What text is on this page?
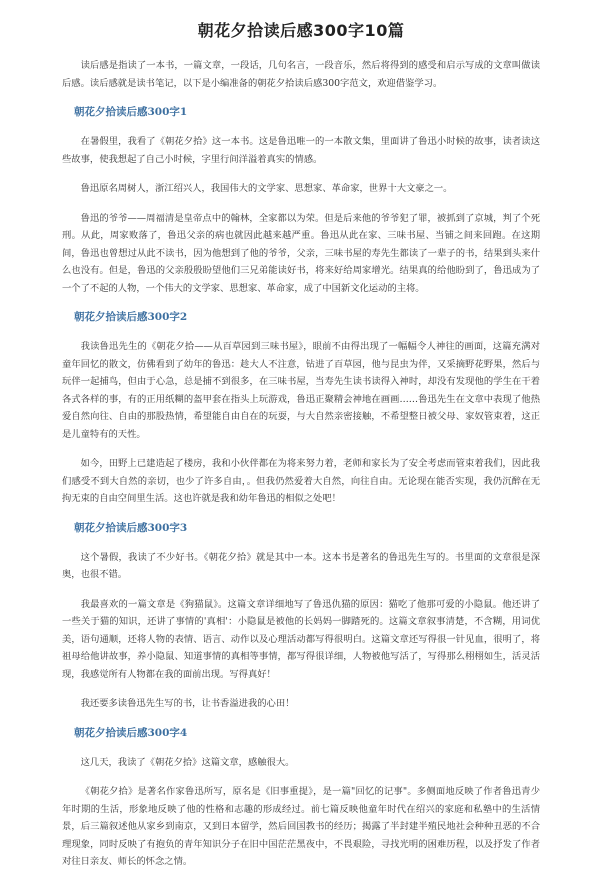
朝花夕拾读后感300字10篇

读后感是指读了一本书，一篇文章，一段话，几句名言，一段音乐，然后将得到的感受和启示写成的文章叫做读后感。读后感就是读书笔记，以下是小编准备的朝花夕拾读后感300字范文，欢迎借鉴学习。

朝花夕拾读后感300字1

在暑假里，我看了《朝花夕拾》这一本书。这是鲁迅唯一的一本散文集，里面讲了鲁迅小时候的故事，读者读这些故事，使我想起了自己小时候，字里行间洋溢着真实的情感。

鲁迅原名周树人，浙江绍兴人，我国伟大的文学家、思想家、革命家，世界十大文豪之一。

鲁迅的爷爷——周福清是皇帝点中的翰林，全家都以为荣。但是后来他的爷爷犯了罪，被抓到了京城，判了个死刑。从此，周家败落了，鲁迅父亲的病也就因此越来越严重。鲁迅从此在家、三味书屋、当铺之间来回跑。在这期间，鲁迅也曾想过从此不读书，因为他想到了他的爷爷，父亲，三味书屋的寿先生都读了一辈子的书，结果到头来什么也没有。但是，鲁迅的父亲殷殷盼望他们三兄弟能读好书，将来好给周家增光。结果真的给他盼到了，鲁迅成为了一个了不起的人物，一个伟大的文学家、思想家、革命家，成了中国新文化运动的主将。

朝花夕拾读后感300字2

我读鲁迅先生的《朝花夕拾——从百草园到三味书屋》，眼前不由得出现了一幅幅令人神往的画面，这篇充满对童年回忆的散文，仿佛看到了幼年的鲁迅：趁大人不注意，钻进了百草园，他与昆虫为伴，又采摘野花野果，然后与玩伴一起捕鸟，但由于心急，总是捕不到很多，在三味书屋，当寿先生读书读得入神时，却没有发现他的学生在干着各式各样的事，有的正用纸糊的盔甲套在指头上玩游戏，鲁迅正聚精会神地在画画……鲁迅先生在文章中表现了他热爱自然向往、自由的那股热情，希望能自由自在的玩耍，与大自然亲密接触，不希望整日被父母、家奴管束着，这正是儿童特有的天性。

如今，田野上已建造起了楼房，我和小伙伴都在为将来努力着，老师和家长为了安全考虑而管束着我们，因此我们感受不到大自然的亲切，也少了许多自由，。但我仍然爱着大自然，向往自由。无论现在能否实现，我仍沉醉在无拘无束的自由空间里生活。这也许就是我和幼年鲁迅的相似之处吧！

朝花夕拾读后感300字3

这个暑假，我读了不少好书。《朝花夕拾》就是其中一本。这本书是著名的鲁迅先生写的。书里面的文章很是深奥，也很不错。

我最喜欢的一篇文章是《狗猫鼠》。这篇文章详细地写了鲁迅仇猫的原因：猫吃了他那可爱的小隐鼠。他还讲了一些关于猫的知识，还讲了事情的'真相'：小隐鼠是被他的长妈妈一脚踏死的。这篇文章叙事清楚，不含糊，用词优美，语句通顺，还将人物的表情、语言、动作以及心理活动都写得很明白。这篇文章还写得很一针见血，很明了，将祖母给他讲故事，养小隐鼠、知道事情的真相等事情，都写得很详细，人物被他写活了，写得那么栩栩如生，活灵活现，我感觉所有人物都在我的面前出现。写得真好！

我还要多读鲁迅先生写的书，让书香溢进我的心田！

朝花夕拾读后感300字4

这几天，我读了《朝花夕拾》这篇文章，感触很大。

《朝花夕拾》是著名作家鲁迅所写，原名是《旧事重提》，是一篇"回忆的记事"。多侧面地反映了作者鲁迅青少年时期的生活，形象地反映了他的性格和志趣的形成经过。前七篇反映他童年时代在绍兴的家庭和私塾中的生活情景，后三篇叙述他从家乡到南京，又到日本留学，然后回国教书的经历；揭露了半封建半殖民地社会种种丑恶的不合理现象，同时反映了有抱负的青年知识分子在旧中国茫茫黑夜中，不畏艰险，寻找光明的困难历程，以及抒发了作者对往日亲友、师长的怀念之情。
